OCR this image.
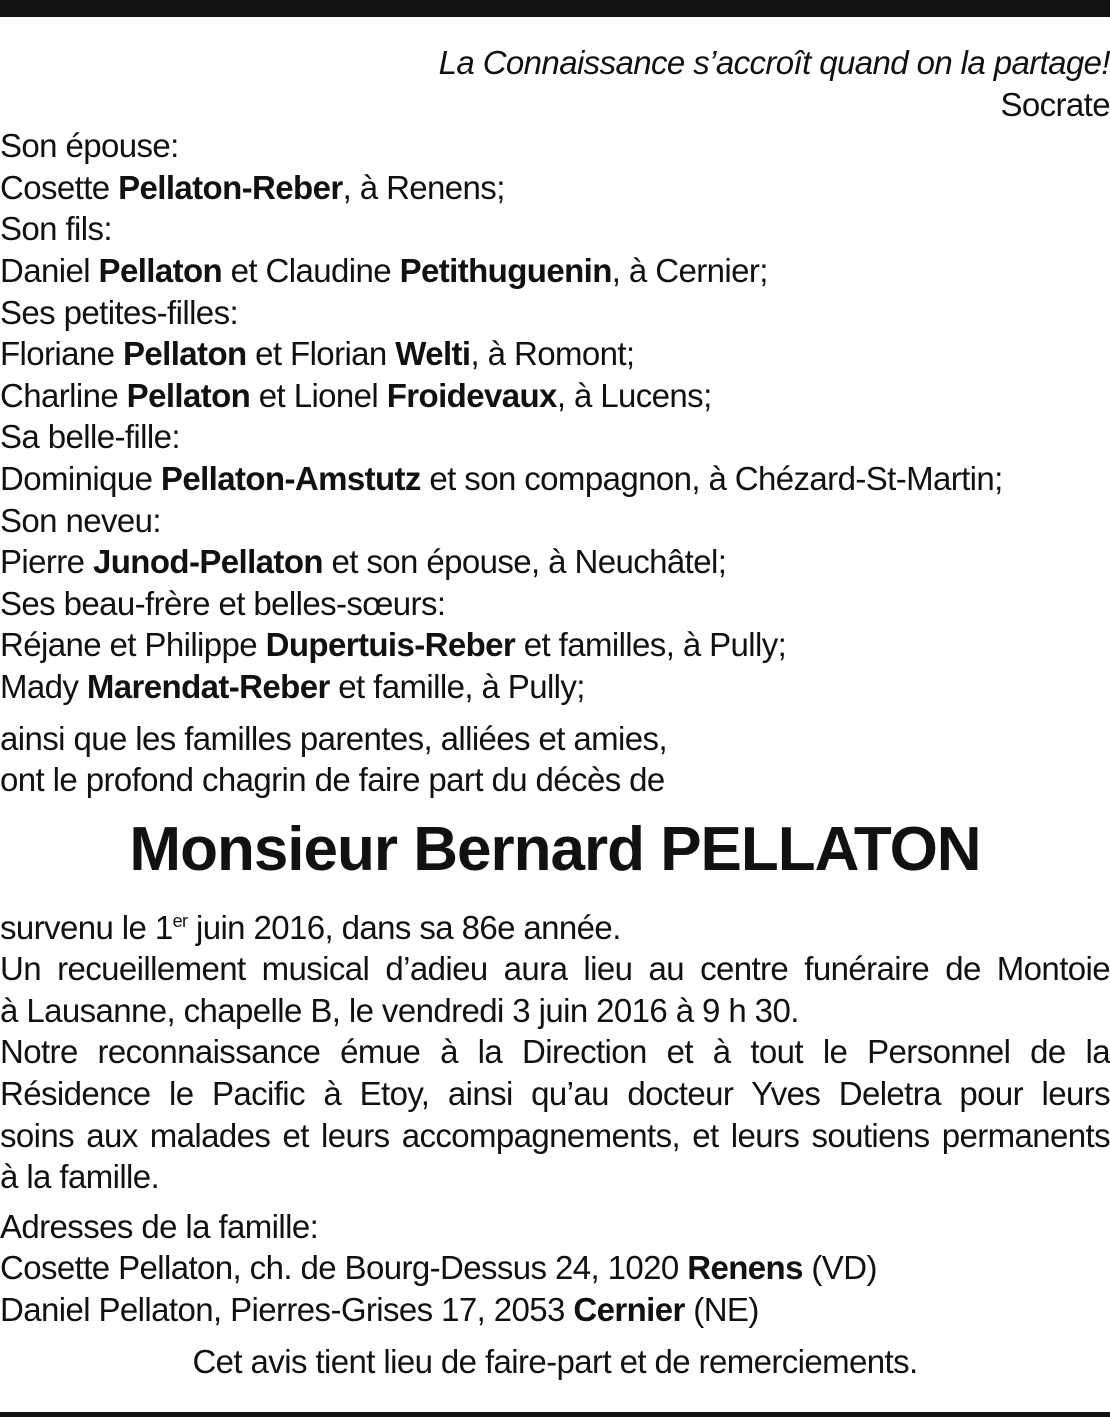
La Connaissance s’accroît quand on la partage!
Socrate
Son épouse:
Cosette Pellaton-Reber, à Renens;
Son fils:
Daniel Pellaton et Claudine Petithuguenin, à Cernier;
Ses petites-filles:
Floriane Pellaton et Florian Welti, à Romont;
Charline Pellaton et Lionel Froidevaux, à Lucens;
Sa belle-fille:
Dominique Pellaton-Amstutz et son compagnon, à Chézard-St-Martin;
Son neveu:
Pierre Junod-Pellaton et son épouse, à Neuchâtel;
Ses beau-frère et belles-sœurs:
Réjane et Philippe Dupertuis-Reber et familles, à Pully;
Mady Marendat-Reber et famille, à Pully;
ainsi que les familles parentes, alliées et amies,
ont le profond chagrin de faire part du décès de
Monsieur Bernard PELLATON
survenu le 1er juin 2016, dans sa 86e année.
Un recueillement musical d’adieu aura lieu au centre funéraire de Montoie
à Lausanne, chapelle B, le vendredi 3 juin 2016 à 9 h 30.
Notre reconnaissance émue à la Direction et à tout le Personnel de la
Résidence le Pacific à Etoy, ainsi qu’au docteur Yves Deletra pour leurs
soins aux malades et leurs accompagnements, et leurs soutiens permanents
à la famille.
Adresses de la famille:
Cosette Pellaton, ch. de Bourg-Dessus 24, 1020 Renens (VD)
Daniel Pellaton, Pierres-Grises 17, 2053 Cernier (NE)
Cet avis tient lieu de faire-part et de remerciements.
